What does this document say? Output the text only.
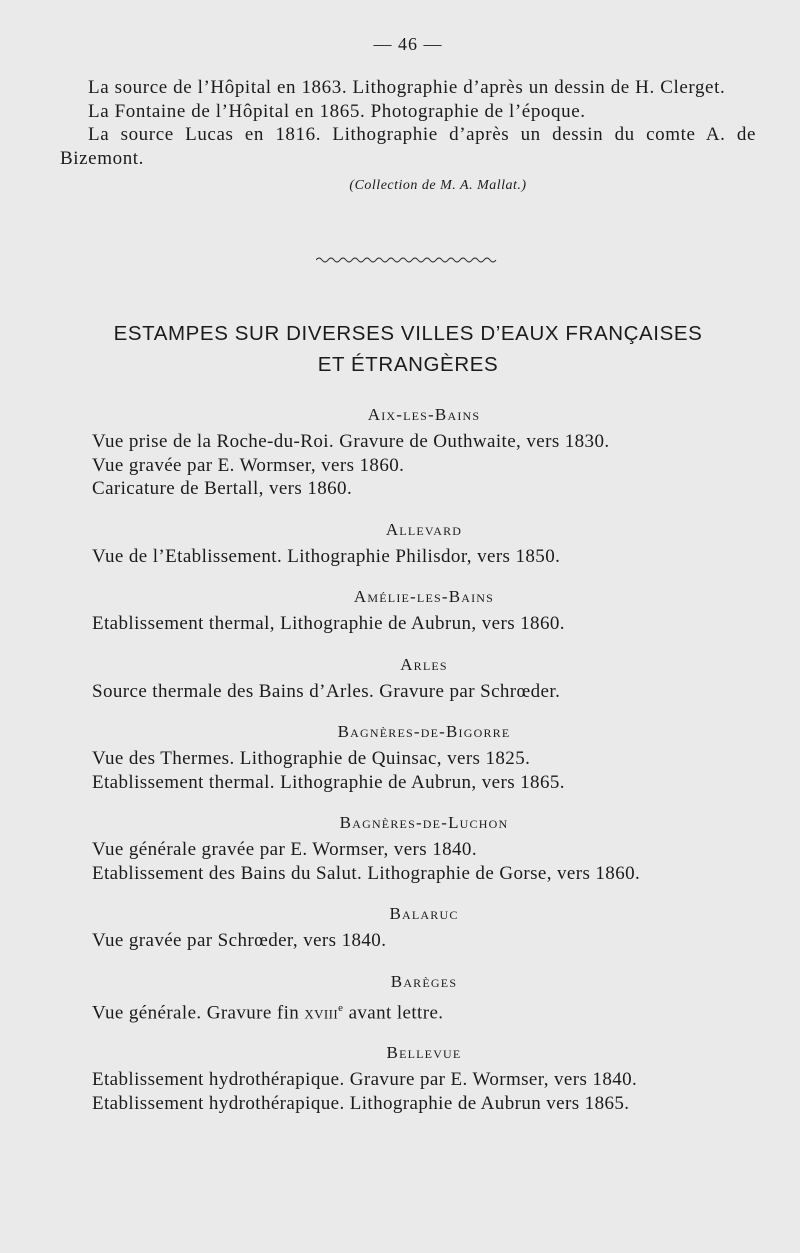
— 46 —

La source de l’Hôpital en 1863. Lithographie d’après un dessin de H. Clerget.

La Fontaine de l’Hôpital en 1865. Photographie de l’époque.

La source Lucas en 1816. Lithographie d’après un dessin du comte A. de Bizemont.

(Collection de M. A. Mallat.)
ESTAMPES SUR DIVERSES VILLES D’EAUX FRANÇAISES
ET ÉTRANGÈRES
Aix-les-Bains

Vue prise de la Roche-du-Roi. Gravure de Outhwaite, vers 1830.

Vue gravée par E. Wormser, vers 1860.

Caricature de Bertall, vers 1860.

Allevard

Vue de l’Etablissement. Lithographie Philisdor, vers 1850.

Amélie-les-Bains

Etablissement thermal, Lithographie de Aubrun, vers 1860.

Arles

Source thermale des Bains d’Arles. Gravure par Schrœder.

Bagnères-de-Bigorre

Vue des Thermes. Lithographie de Quinsac, vers 1825.

Etablissement thermal. Lithographie de Aubrun, vers 1865.

Bagnères-de-Luchon

Vue générale gravée par E. Wormser, vers 1840.

Etablissement des Bains du Salut. Lithographie de Gorse, vers 1860.

Balaruc

Vue gravée par Schrœder, vers 1840.

Barèges

Vue générale. Gravure fin xviii$^e$ avant lettre.

Bellevue

Etablissement hydrothérapique. Gravure par E. Wormser, vers 1840.

Etablissement hydrothérapique. Lithographie de Aubrun vers 1865.
